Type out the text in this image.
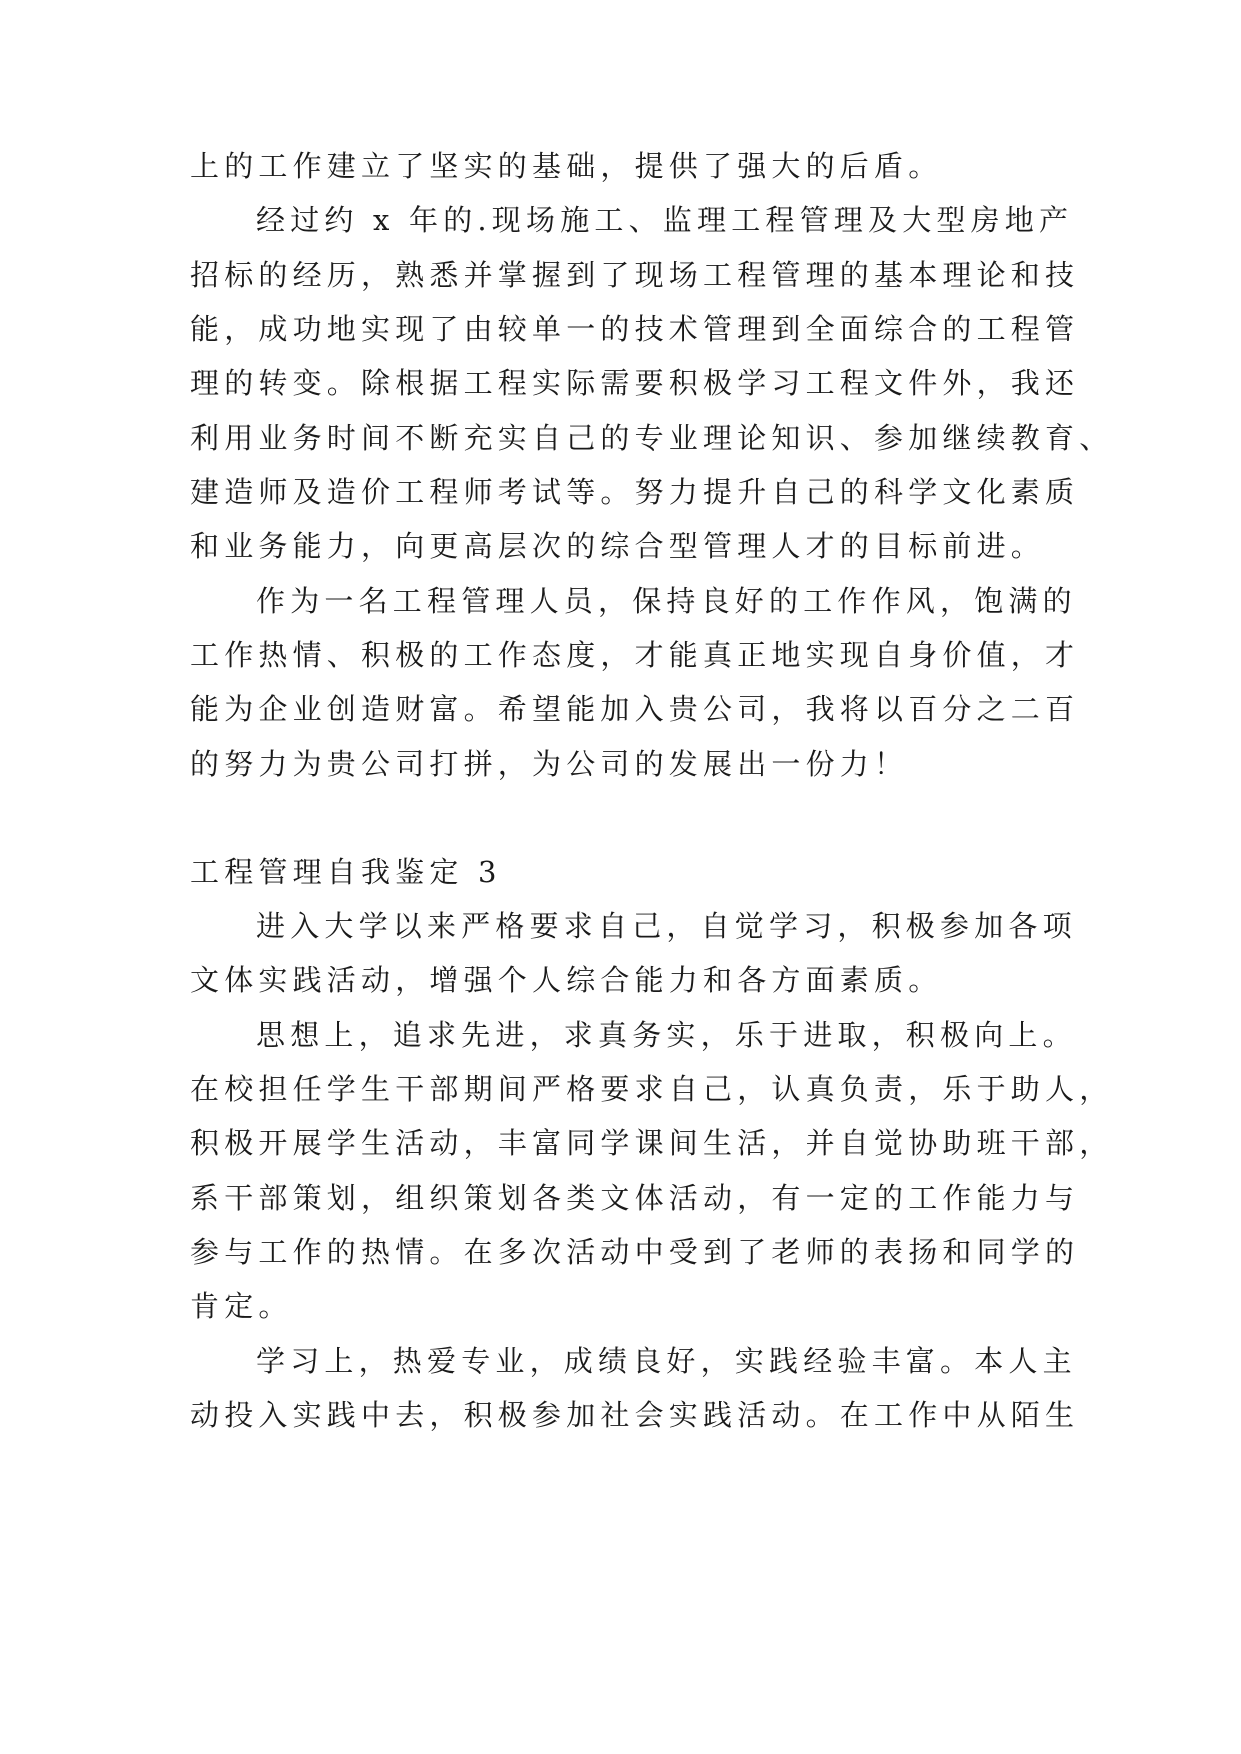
上的工作建立了坚实的基础，提供了强大的后盾。
经过约 x 年的.现场施工、监理工程管理及大型房地产
招标的经历，熟悉并掌握到了现场工程管理的基本理论和技
能，成功地实现了由较单一的技术管理到全面综合的工程管
理的转变。除根据工程实际需要积极学习工程文件外，我还
利用业务时间不断充实自己的专业理论知识、参加继续教育、
建造师及造价工程师考试等。努力提升自己的科学文化素质
和业务能力，向更高层次的综合型管理人才的目标前进。
作为一名工程管理人员，保持良好的工作作风，饱满的
工作热情、积极的工作态度，才能真正地实现自身价值，才
能为企业创造财富。希望能加入贵公司，我将以百分之二百
的努力为贵公司打拼，为公司的发展出一份力！
工程管理自我鉴定 3
进入大学以来严格要求自己，自觉学习，积极参加各项
文体实践活动，增强个人综合能力和各方面素质。
思想上，追求先进，求真务实，乐于进取，积极向上。
在校担任学生干部期间严格要求自己，认真负责，乐于助人，
积极开展学生活动，丰富同学课间生活，并自觉协助班干部，
系干部策划，组织策划各类文体活动，有一定的工作能力与
参与工作的热情。在多次活动中受到了老师的表扬和同学的
肯定。
学习上，热爱专业，成绩良好，实践经验丰富。本人主
动投入实践中去，积极参加社会实践活动。在工作中从陌生
